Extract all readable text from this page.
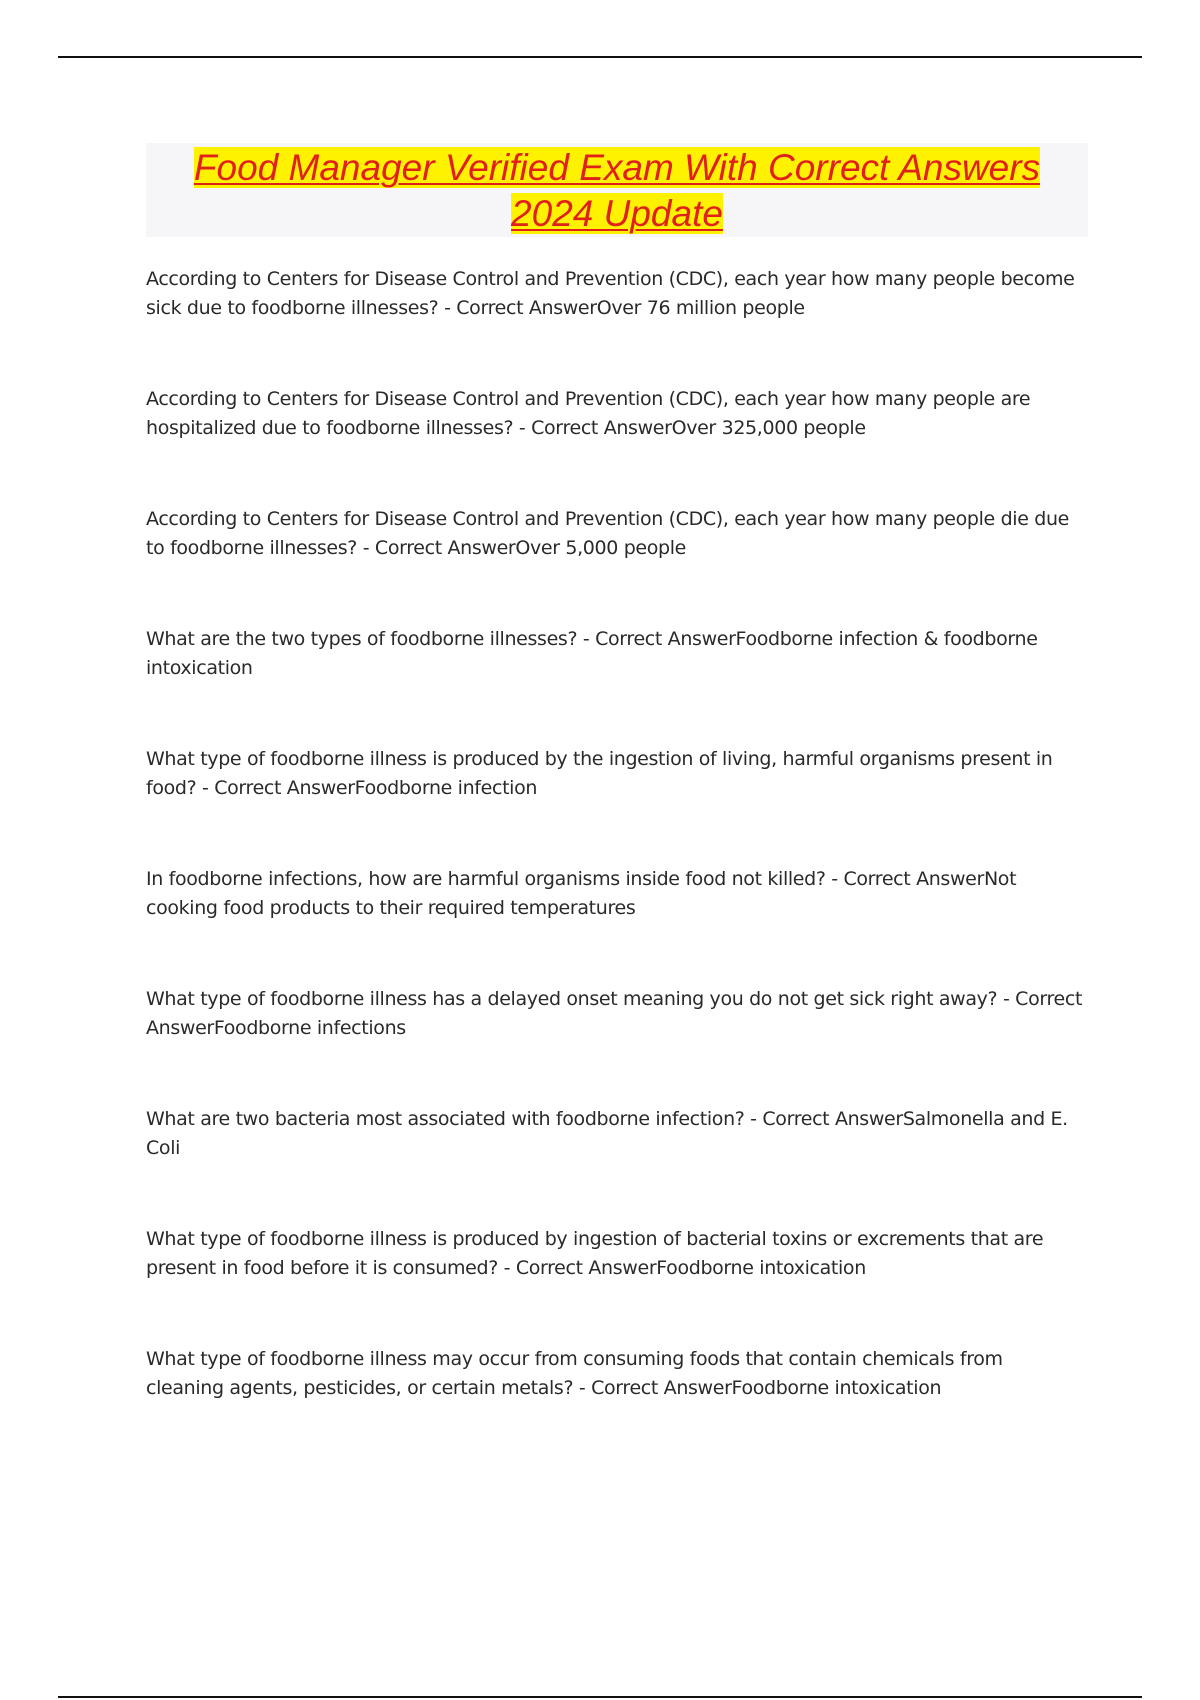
Food Manager Verified Exam With Correct Answers
2024 Update

According to Centers for Disease Control and Prevention (CDC), each year how many people become sick due to foodborne illnesses? - Correct AnswerOver 76 million people

According to Centers for Disease Control and Prevention (CDC), each year how many people are hospitalized due to foodborne illnesses? - Correct AnswerOver 325,000 people

According to Centers for Disease Control and Prevention (CDC), each year how many people die due to foodborne illnesses? - Correct AnswerOver 5,000 people

What are the two types of foodborne illnesses? - Correct AnswerFoodborne infection & foodborne intoxication

What type of foodborne illness is produced by the ingestion of living, harmful organisms present in food? - Correct AnswerFoodborne infection

In foodborne infections, how are harmful organisms inside food not killed? - Correct AnswerNot cooking food products to their required temperatures

What type of foodborne illness has a delayed onset meaning you do not get sick right away? - Correct AnswerFoodborne infections

What are two bacteria most associated with foodborne infection? - Correct AnswerSalmonella and E. Coli

What type of foodborne illness is produced by ingestion of bacterial toxins or excrements that are present in food before it is consumed? - Correct AnswerFoodborne intoxication

What type of foodborne illness may occur from consuming foods that contain chemicals from cleaning agents, pesticides, or certain metals? - Correct AnswerFoodborne intoxication
